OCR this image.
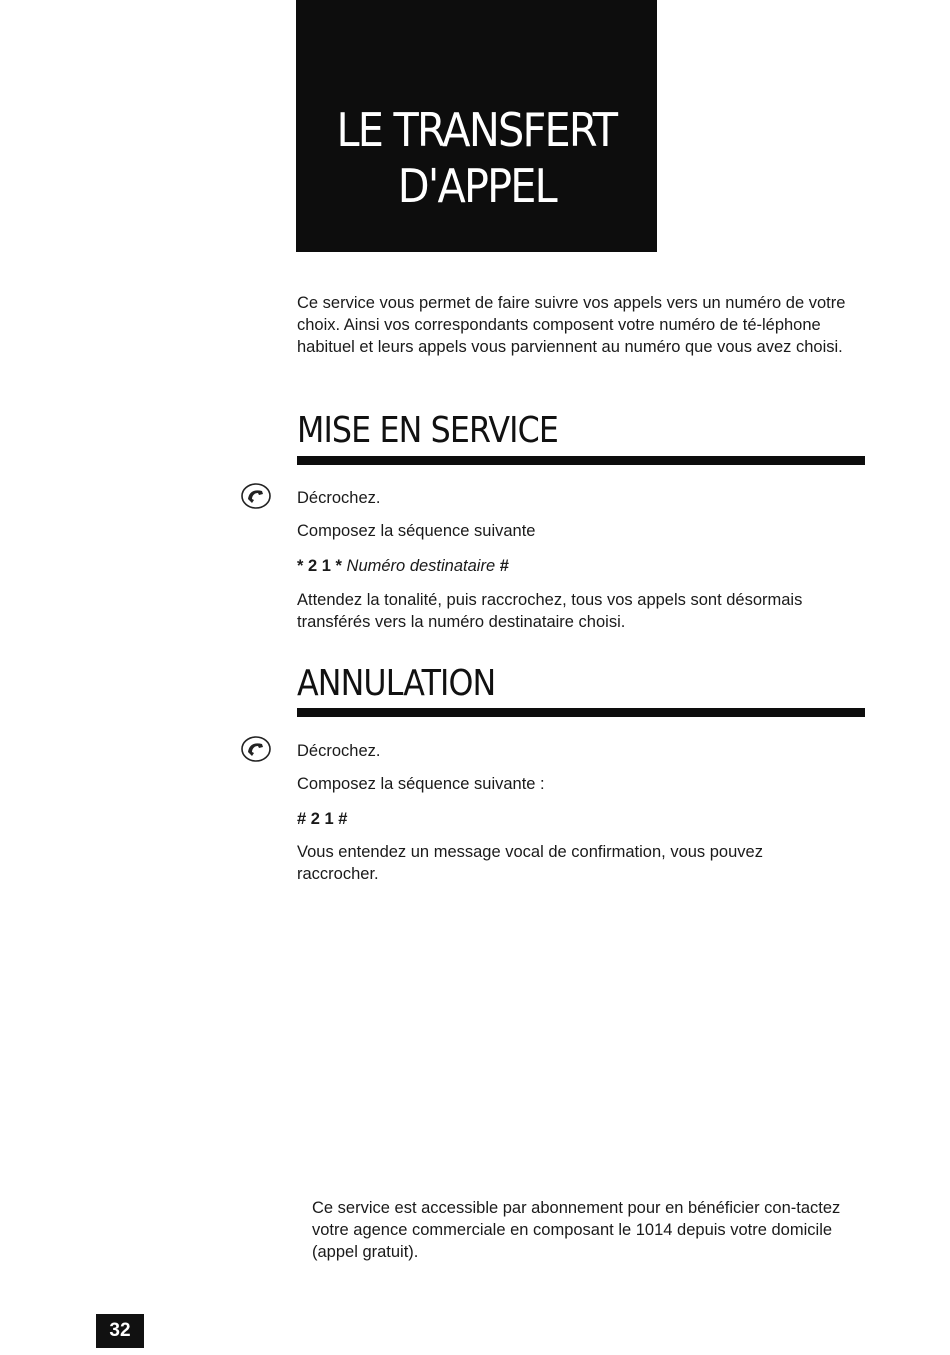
LE TRANSFERT
D'APPEL

Ce service vous permet de faire suivre vos appels vers un numéro de votre choix. Ainsi vos correspondants composent votre numéro de té-léphone habituel et leurs appels vous parviennent au numéro que vous avez choisi.

MISE EN SERVICE
Décrochez.
Composez la séquence suivante
* 2 1 * Numéro destinataire #

Attendez la tonalité, puis raccrochez, tous vos appels sont désormais transférés vers la numéro destinataire choisi.

ANNULATION
Décrochez.
Composez la séquence suivante :
# 2 1 #

Vous entendez un message vocal de confirmation, vous pouvez raccrocher.

Ce service est accessible par abonnement pour en bénéficier con-tactez votre agence commerciale en composant le 1014 depuis votre domicile (appel gratuit).

32
